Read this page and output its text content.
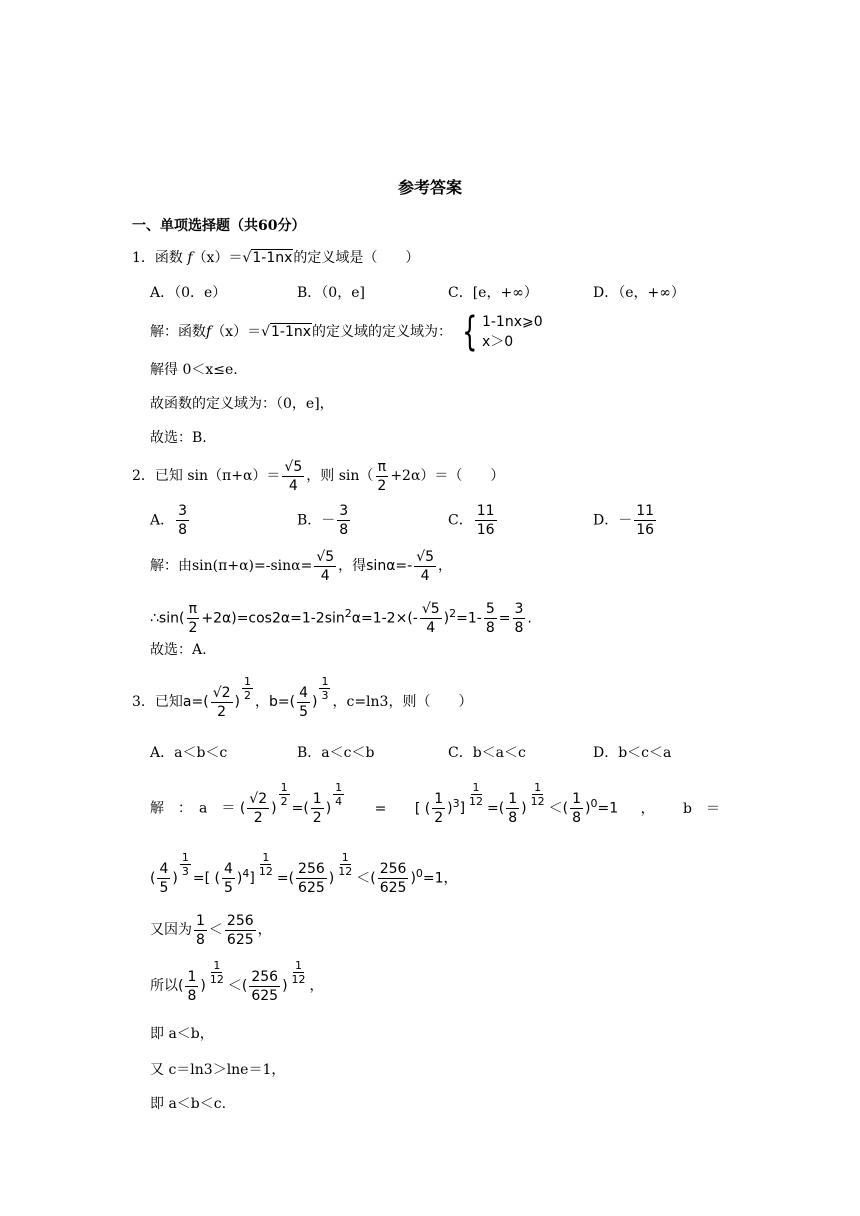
参考答案
一、单项选择题（共60分）
1．函数 f（x）＝√1-1nx的定义域是（　　）
A．（0．e）	B．（0，e]	C．[e，+∞）	D．（e，+∞）
解：函数f（x）＝√1-1nx的定义域的定义域为： { 1-1nx⩾0
x＞0
解得 0＜x≤e.
故函数的定义域为：（0，e]，
故选：B.
2．已知 $\sin(\pi+\alpha)= \frac{√5}{4}$ ，则 $\sin( \frac{\pi}{2} +2\alpha)=$（　　）
A． $\frac{3}{8}$	B．－ $\frac{3}{8}$	C． $\frac{11}{16}$	D．－ $\frac{11}{16}$
解：由$\sin(\pi+\alpha)=-\sin\alpha= \frac{√5}{4}$ ，得$\sin\alpha=- \frac{√5}{4}$ ，
∴sin( $\frac{\pi}{2} +2\alpha)=\cos 2\alpha=1-2\sin^2\alpha=1-2\times(- \frac{√5}{4} )^2=1- \frac{5}{8} = \frac{3}{8}$ .
故选：A.
3．已知$a=( \frac{√2}{2}$ )
$\frac{1}{2}$
，$b=( \frac{4}{5}$ )
$\frac{1}{3}$
，c=ln3，则（　　）
A．a＜b＜c	B．a＜c＜b	C．b＜a＜c	D．b＜c＜a
解　：　a　＝ ( $\frac{√2}{2}$ )
$\frac{1}{2}$
=( $\frac{1}{2}$ )
$\frac{1}{4}$
= [ ( $\frac{1}{2} )^3$]
$\frac{1}{12}$
=( $\frac{1}{8}$ )
$\frac{1}{12}$
＜( $\frac{1}{8} )^0=1$ ， b　＝
( $\frac{4}{5}$ )
$\frac{1}{3}$
=[ ( $\frac{4}{5} )^4$]
$\frac{1}{12}$
=( $\frac{256}{625}$ )
$\frac{1}{12}$
＜( $\frac{256}{625} )^0=1$，
又因为 $\frac{1}{8} < \frac{256}{625}$ ，
所以( $\frac{1}{8}$ )
$\frac{1}{12}$
＜( $\frac{256}{625}$ )
$\frac{1}{12}$
，
即 a＜b，
又 c＝ln3＞lne＝1，
即 a＜b＜c.
